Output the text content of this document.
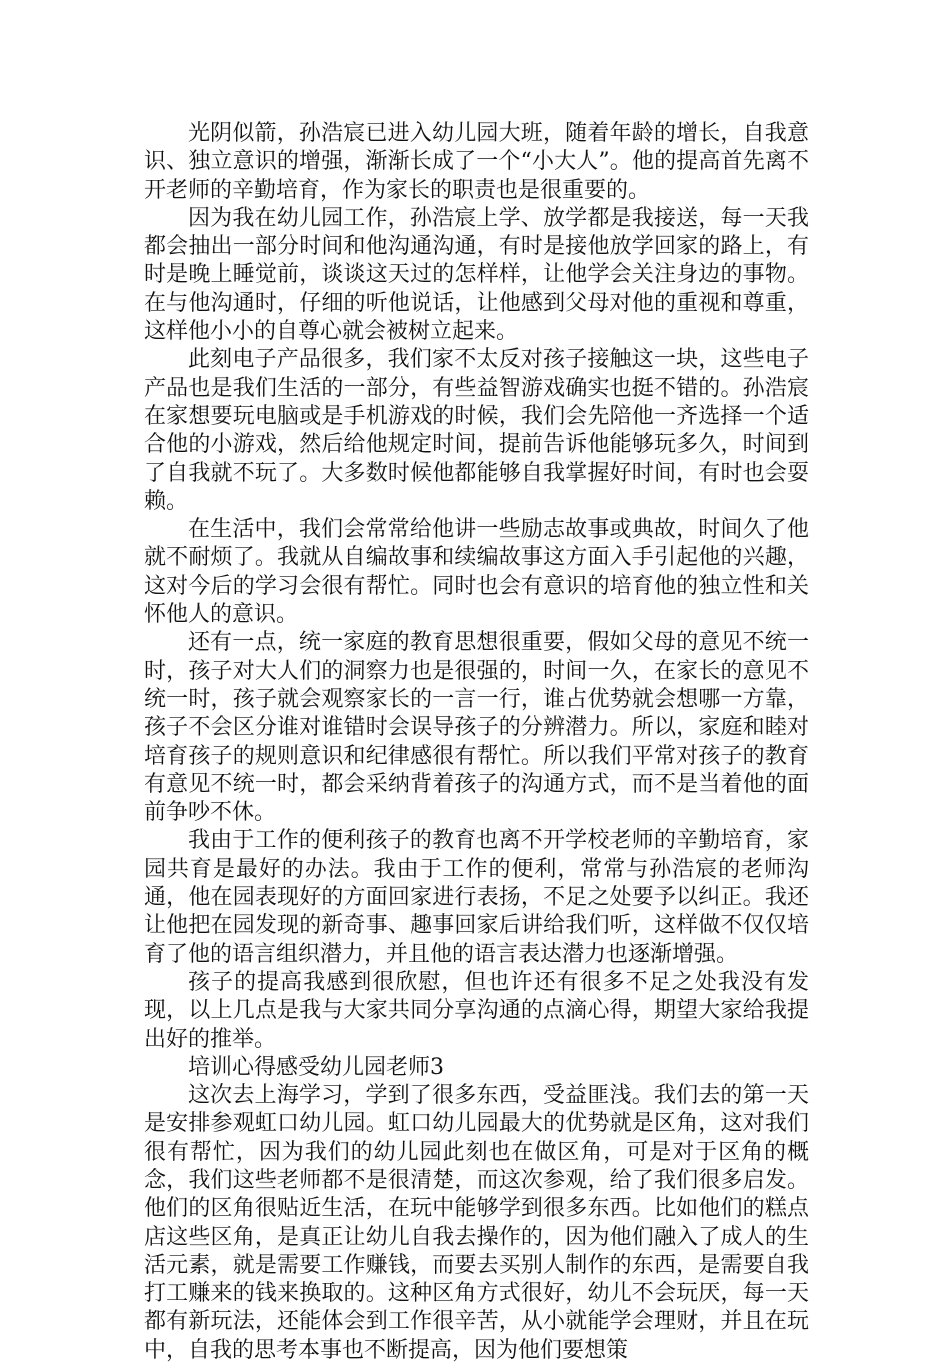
光阴似箭，孙浩宸已进入幼儿园大班，随着年龄的增长，自我意识、独立意识的增强，渐渐长成了一个“小大人”。他的提高首先离不开老师的辛勤培育，作为家长的职责也是很重要的。

因为我在幼儿园工作，孙浩宸上学、放学都是我接送，每一天我都会抽出一部分时间和他沟通沟通，有时是接他放学回家的路上，有时是晚上睡觉前，谈谈这天过的怎样样，让他学会关注身边的事物。在与他沟通时，仔细的听他说话，让他感到父母对他的重视和尊重，这样他小小的自尊心就会被树立起来。

此刻电子产品很多，我们家不太反对孩子接触这一块，这些电子产品也是我们生活的一部分，有些益智游戏确实也挺不错的。孙浩宸在家想要玩电脑或是手机游戏的时候，我们会先陪他一齐选择一个适合他的小游戏，然后给他规定时间，提前告诉他能够玩多久，时间到了自我就不玩了。大多数时候他都能够自我掌握好时间，有时也会耍赖。

在生活中，我们会常常给他讲一些励志故事或典故，时间久了他就不耐烦了。我就从自编故事和续编故事这方面入手引起他的兴趣，这对今后的学习会很有帮忙。同时也会有意识的培育他的独立性和关怀他人的意识。

还有一点，统一家庭的教育思想很重要，假如父母的意见不统一时，孩子对大人们的洞察力也是很强的，时间一久，在家长的意见不统一时，孩子就会观察家长的一言一行，谁占优势就会想哪一方靠，孩子不会区分谁对谁错时会误导孩子的分辨潜力。所以，家庭和睦对培育孩子的规则意识和纪律感很有帮忙。所以我们平常对孩子的教育有意见不统一时，都会采纳背着孩子的沟通方式，而不是当着他的面前争吵不休。

我由于工作的便利孩子的教育也离不开学校老师的辛勤培育，家园共育是最好的办法。我由于工作的便利，常常与孙浩宸的老师沟通，他在园表现好的方面回家进行表扬，不足之处要予以纠正。我还让他把在园发现的新奇事、趣事回家后讲给我们听，这样做不仅仅培育了他的语言组织潜力，并且他的语言表达潜力也逐渐增强。

孩子的提高我感到很欣慰，但也许还有很多不足之处我没有发现，以上几点是我与大家共同分享沟通的点滴心得，期望大家给我提出好的推举。

培训心得感受幼儿园老师3

这次去上海学习，学到了很多东西，受益匪浅。我们去的第一天是安排参观虹口幼儿园。虹口幼儿园最大的优势就是区角，这对我们很有帮忙，因为我们的幼儿园此刻也在做区角，可是对于区角的概念，我们这些老师都不是很清楚，而这次参观，给了我们很多启发。他们的区角很贴近生活，在玩中能够学到很多东西。比如他们的糕点店这些区角，是真正让幼儿自我去操作的，因为他们融入了成人的生活元素，就是需要工作赚钱，而要去买别人制作的东西，是需要自我打工赚来的钱来换取的。这种区角方式很好，幼儿不会玩厌，每一天都有新玩法，还能体会到工作很辛苦，从小就能学会理财，并且在玩中，自我的思考本事也不断提高，因为他们要想策
